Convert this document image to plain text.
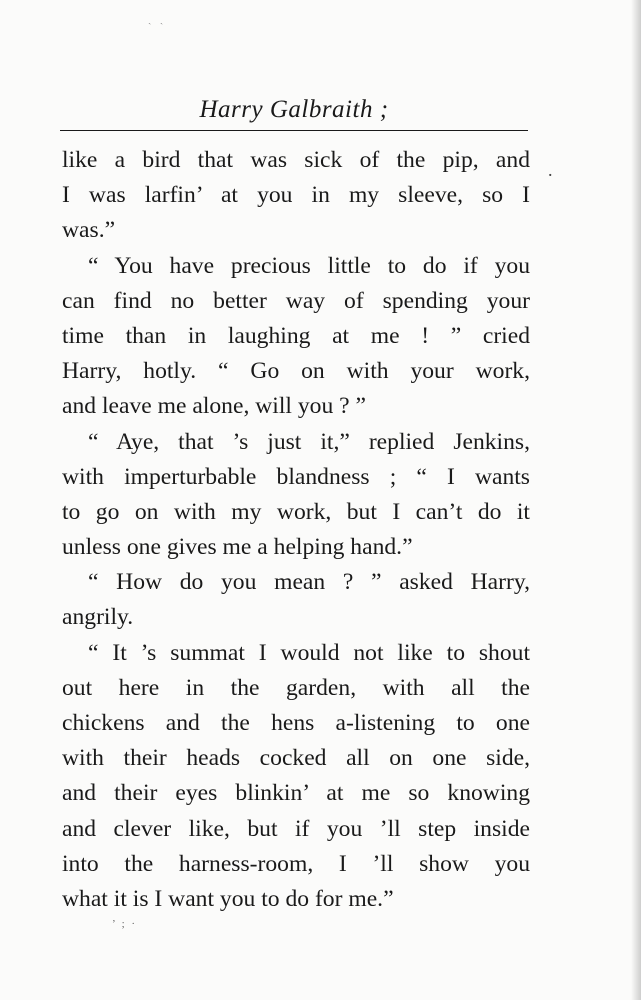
ˎ ˏ
Harry Galbraith ;
.
like a bird that was sick of the pip, and
I was larfin’ at you in my sleeve, so I
was.”
“ You have precious little to do if you
can find no better way of spending your
time than in laughing at me ! ” cried
Harry, hotly. “ Go on with your work,
and leave me alone, will you ? ”
“ Aye, that ’s just it,” replied Jenkins,
with imperturbable blandness ; “ I wants
to go on with my work, but I can’t do it
unless one gives me a helping hand.”
“ How do you mean ? ” asked Harry,
angrily.
“ It ’s summat I would not like to shout
out here in the garden, with all the
chickens and the hens a-listening to one
with their heads cocked all on one side,
and their eyes blinkin’ at me so knowing
and clever like, but if you ’ll step inside
into the harness-room, I ’ll show you
what it is I want you to do for me.”
’ ; ·
